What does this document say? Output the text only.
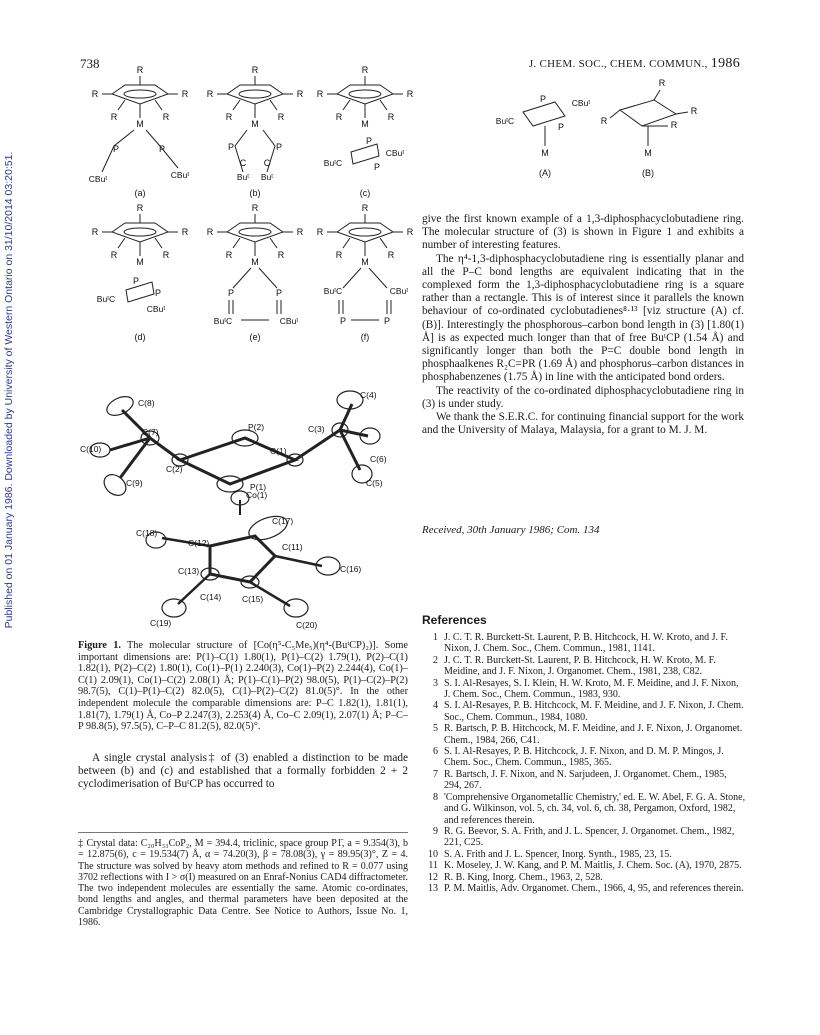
Published on 01 January 1986. Downloaded by University of Western Ontario on 31/10/2014 03:20:51.
738	J. CHEM. SOC., CHEM. COMMUN., 1986
R
R	R
R	R
M
P	P
CBuᵗ	CBuᵗ
(a)
R
R	R
R	R
M
P	P
C C
Buᵗ Buᵗ
(b)
R
R	R
R	R
M
P
P
CBuᵗ
BuᵗC
(c)
R
R	R
R	R
M
P
P
BuᵗC
CBuᵗ
(d)
R
R	R
R	R
M
P	P
BuᵗC	CBuᵗ
(e)
R
R	R
R	R
M
BuᵗC	CBuᵗ
P	P
(f)
P
P
CBuᵗ
BuᵗC
M
(A)
R
R
R	R
M
(B)
C(8)
C(4)
C(7)	P(2)	C(3)
C(1)
C(6)
C(10)
C(2)
C(9)	P(1)	C(5)
Co(1)
C(17)
C(18)
C(12)	C(11)
C(16)
C(13)
C(14) C(15)
C(19)	C(20)
Figure 1. The molecular structure of [Co(η⁵-C₅Me₅)(η⁴-(BuᵗCP)₂)]. Some important dimensions are: P(1)–C(1) 1.80(1), P(1)–C(2) 1.79(1), P(2)–C(1) 1.82(1), P(2)–C(2) 1.80(1), Co(1)–P(1) 2.240(3), Co(1)–P(2) 2.244(4), Co(1)–C(1) 2.09(1), Co(1)–C(2) 2.08(1) Å; P(1)–C(1)–P(2) 98.0(5), P(1)–C(2)–P(2) 98.7(5), C(1)–P(1)–C(2) 82.0(5), C(1)–P(2)–C(2) 81.0(5)°. In the other independent molecule the comparable dimensions are: P–C 1.82(1), 1.81(1), 1.81(7), 1.79(1) Å, Co–P 2.247(3), 2.253(4) Å, Co–C 2.09(1), 2.07(1) Å; P–C–P 98.8(5), 97.5(5), C–P–C 81.2(5), 82.0(5)°.

A single crystal analysis‡ of (3) enabled a distinction to be made between (b) and (c) and established that a formally forbidden 2 + 2 cyclodimerisation of BuᵗCP has occurred to

‡ Crystal data: C₂₀H₃₃CoP₂, M = 394.4, triclinic, space group P1̄, a = 9.354(3), b = 12.875(6), c = 19.534(7) Å, α = 74.20(3), β = 78.08(3), γ = 89.95(3)°, Z = 4. The structure was solved by heavy atom methods and refined to R = 0.077 using 3702 reflections with I > σ(I) measured on an Enraf-Nonius CAD4 diffractometer. The two independent molecules are essentially the same. Atomic co-ordinates, bond lengths and angles, and thermal parameters have been deposited at the Cambridge Crystallographic Data Centre. See Notice to Authors, Issue No. 1, 1986.

give the first known example of a 1,3-diphosphacyclobutadiene ring. The molecular structure of (3) is shown in Figure 1 and exhibits a number of interesting features.

The η⁴-1,3-diphosphacyclobutadiene ring is essentially planar and all the P–C bond lengths are equivalent indicating that in the complexed form the 1,3-diphosphacyclobutadiene ring is a square rather than a rectangle. This is of interest since it parallels the known behaviour of co-ordinated cyclobutadienes⁸·¹³ [viz structure (A) cf. (B)]. Interestingly the phosphorous–carbon bond length in (3) [1.80(1) Å] is as expected much longer than that of free BuᵗCP (1.54 Å) and significantly longer than both the P=C double bond length in phosphaalkenes R₂C=PR (1.69 Å) and phosphorus–carbon distances in phosphabenzenes (1.75 Å) in line with the anticipated bond orders.

The reactivity of the co-ordinated diphosphacyclobutadiene ring in (3) is under study.

We thank the S.E.R.C. for continuing financial support for the work and the University of Malaya, Malaysia, for a grant to M. J. M.

Received, 30th January 1986; Com. 134
References
1 J. C. T. R. Burckett-St. Laurent, P. B. Hitchcock, H. W. Kroto, and J. F. Nixon, J. Chem. Soc., Chem. Commun., 1981, 1141.
2 J. C. T. R. Burckett-St. Laurent, P. B. Hitchcock, H. W. Kroto, M. F. Meidine, and J. F. Nixon, J. Organomet. Chem., 1981, 238, C82.
3 S. I. Al-Resayes, S. I. Klein, H. W. Kroto, M. F. Meidine, and J. F. Nixon, J. Chem. Soc., Chem. Commun., 1983, 930.
4 S. I. Al-Resayes, P. B. Hitchcock, M. F. Meidine, and J. F. Nixon, J. Chem. Soc., Chem. Commun., 1984, 1080.
5 R. Bartsch, P. B. Hitchcock, M. F. Meidine, and J. F. Nixon, J. Organomet. Chem., 1984, 266, C41.
6 S. I. Al-Resayes, P. B. Hitchcock, J. F. Nixon, and D. M. P. Mingos, J. Chem. Soc., Chem. Commun., 1985, 365.
7 R. Bartsch, J. F. Nixon, and N. Sarjudeen, J. Organomet. Chem., 1985, 294, 267.
8 'Comprehensive Organometallic Chemistry,' ed. E. W. Abel, F. G. A. Stone, and G. Wilkinson, vol. 5, ch. 34, vol. 6, ch. 38, Pergamon, Oxford, 1982, and references therein.
9 R. G. Beevor, S. A. Frith, and J. L. Spencer, J. Organomet. Chem., 1982, 221, C25.
10 S. A. Frith and J. L. Spencer, Inorg. Synth., 1985, 23, 15.
11 K. Moseley, J. W. Kang, and P. M. Maitlis, J. Chem. Soc. (A), 1970, 2875.
12 R. B. King, Inorg. Chem., 1963, 2, 528.
13 P. M. Maitlis, Adv. Organomet. Chem., 1966, 4, 95, and references therein.
